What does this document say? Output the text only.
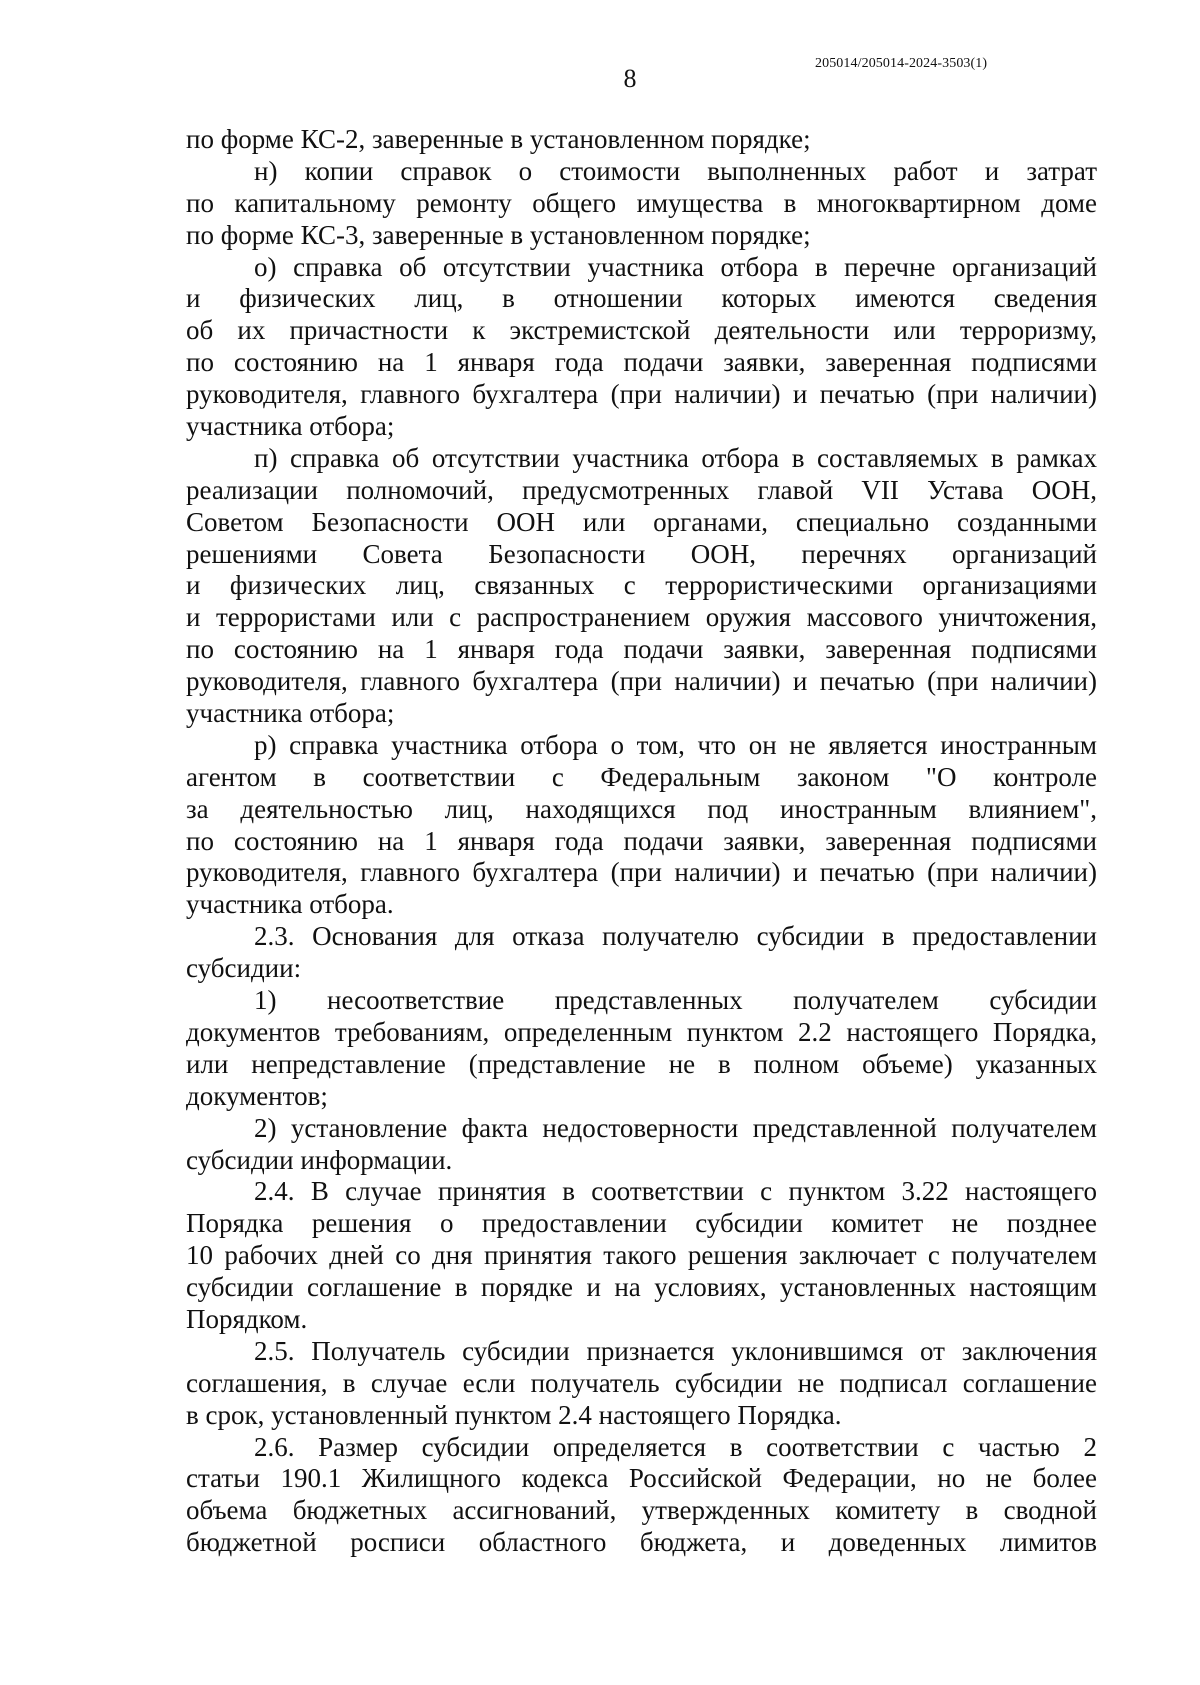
8
205014/205014-2024-3503(1)
по форме КС-2, заверенные в установленном порядке;
н) копии справок о стоимости выполненных работ и затрат
по капитальному ремонту общего имущества в многоквартирном доме
по форме КС-3, заверенные в установленном порядке;
о) справка об отсутствии участника отбора в перечне организаций
и физических лиц, в отношении которых имеются сведения
об их причастности к экстремистской деятельности или терроризму,
по состоянию на 1 января года подачи заявки, заверенная подписями
руководителя, главного бухгалтера (при наличии) и печатью (при наличии)
участника отбора;
п) справка об отсутствии участника отбора в составляемых в рамках
реализации полномочий, предусмотренных главой VII Устава ООН,
Советом Безопасности ООН или органами, специально созданными
решениями Совета Безопасности ООН, перечнях организаций
и физических лиц, связанных с террористическими организациями
и террористами или с распространением оружия массового уничтожения,
по состоянию на 1 января года подачи заявки, заверенная подписями
руководителя, главного бухгалтера (при наличии) и печатью (при наличии)
участника отбора;
р) справка участника отбора о том, что он не является иностранным
агентом в соответствии с Федеральным законом "О контроле
за деятельностью лиц, находящихся под иностранным влиянием",
по состоянию на 1 января года подачи заявки, заверенная подписями
руководителя, главного бухгалтера (при наличии) и печатью (при наличии)
участника отбора.
2.3. Основания для отказа получателю субсидии в предоставлении
субсидии:
1) несоответствие представленных получателем субсидии
документов требованиям, определенным пунктом 2.2 настоящего Порядка,
или непредставление (представление не в полном объеме) указанных
документов;
2) установление факта недостоверности представленной получателем
субсидии информации.
2.4. В случае принятия в соответствии с пунктом 3.22 настоящего
Порядка решения о предоставлении субсидии комитет не позднее
10 рабочих дней со дня принятия такого решения заключает с получателем
субсидии соглашение в порядке и на условиях, установленных настоящим
Порядком.
2.5. Получатель субсидии признается уклонившимся от заключения
соглашения, в случае если получатель субсидии не подписал соглашение
в срок, установленный пунктом 2.4 настоящего Порядка.
2.6. Размер субсидии определяется в соответствии с частью 2
статьи 190.1 Жилищного кодекса Российской Федерации, но не более
объема бюджетных ассигнований, утвержденных комитету в сводной
бюджетной росписи областного бюджета, и доведенных лимитов
